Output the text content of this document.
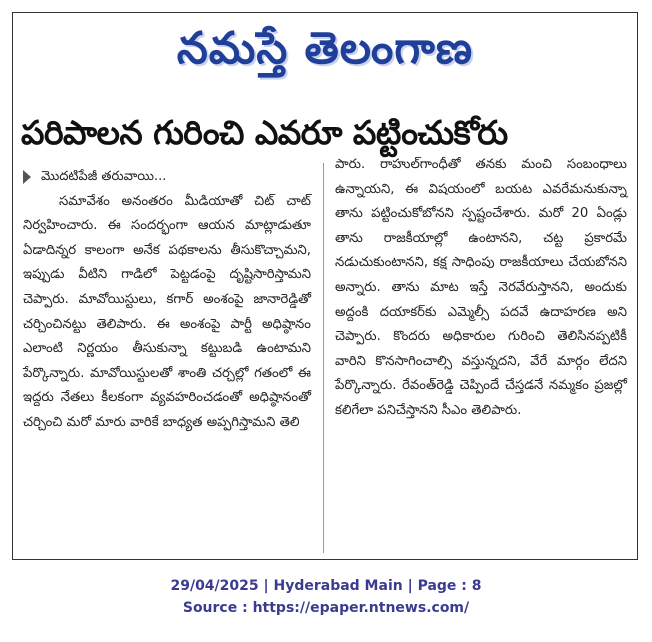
నమస్తే తెలంగాణ
పరిపాలన గురించి ఎవరూ పట్టించుకోరు
మొదటిపేజీ తరువాయి...

సమావేశం అనంతరం మీడియాతో చిట్‌ చాట్‌ నిర్వహించారు. ఈ సందర్భంగా ఆయన మాట్లాడుతూ ఏడాదిన్నర కాలంగా అనేక పథకాలను తీసుకొచ్చామని, ఇప్పుడు వీటిని గాడిలో పెట్టడంపై దృష్టిసారిస్తామని చెప్పారు. మావోయిస్టులు, కగార్‌ అంశంపై జానారెడ్డితో చర్చించినట్టు తెలిపారు. ఈ అంశంపై పార్టీ అధిష్ఠానం ఎలాంటి నిర్ణయం తీసుకున్నా కట్టుబడి ఉంటామని పేర్కొన్నారు. మావోయిస్టులతో శాంతి చర్చల్లో గతంలో ఈ ఇద్దరు నేతలు కీలకంగా వ్యవహరించడంతో అధిష్ఠానంతో చర్చించి మరో మారు వారికే బాధ్యత అప్పగిస్తామని తెలి

పారు. రాహుల్‌గాంధీతో తనకు మంచి సంబంధాలు ఉన్నాయని, ఈ విషయంలో బయట ఎవరేమనుకున్నా తాను పట్టించుకోబోనని స్పష్టంచేశారు. మరో 20 ఏండ్లు తాను రాజకీయాల్లో ఉంటానని, చట్ట ప్రకారమే నడుచుకుంటానని, కక్ష సాధింపు రాజకీయాలు చేయబోనని అన్నారు. తాను మాట ఇస్తే నెరవేరుస్తానని, అందుకు అద్దంకి దయాకర్‌కు ఎమ్మెల్సీ పదవే ఉదాహరణ అని చెప్పారు. కొందరు అధికారుల గురించి తెలిసినప్పటికీ వారిని కొనసాగించాల్సి వస్తున్నదని, వేరే మార్గం లేదని పేర్కొన్నారు. రేవంత్‌రెడ్డి చెప్పిందే చేస్తడనే నమ్మకం ప్రజల్లో కలిగేలా పనిచేస్తానని సీఎం తెలిపారు.

29/04/2025 | Hyderabad Main | Page : 8
Source : https://epaper.ntnews.com/
